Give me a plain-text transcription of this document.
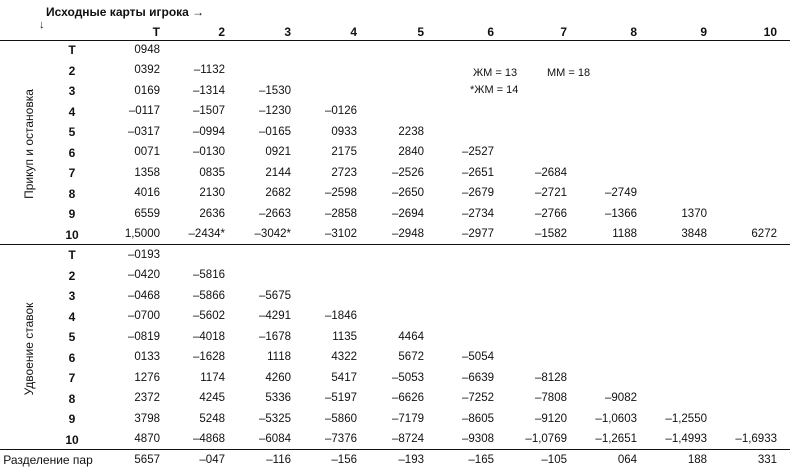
Исходные карты игрока →
↓	T	2	3	4	5	6	7	8	9	10
Прикуп и остановка
T	0948
2	0392	–1132
3	0169	–1314	–1530
4	–0117	–1507	–1230	–0126
5	–0317	–0994	–0165	0933	2238
6	0071	–0130	0921	2175	2840	–2527
7	1358	0835	2144	2723	–2526	–2651	–2684
8	4016	2130	2682	–2598	–2650	–2679	–2721	–2749
9	6559	2636	–2663	–2858	–2694	–2734	–2766	–1366	1370
10	1,5000	–2434*	–3042*	–3102	–2948	–2977	–1582	1188	3848	6272
Удвоение ставок
T	–0193
2	–0420	–5816
3	–0468	–5866	–5675
4	–0700	–5602	–4291	–1846
5	–0819	–4018	–1678	1135	4464
6	0133	–1628	1118	4322	5672	–5054
7	1276	1174	4260	5417	–5053	–6639	–8128
8	2372	4245	5336	–5197	–6626	–7252	–7808	–9082
9	3798	5248	–5325	–5860	–7179	–8605	–9120	–1,0603	–1,2550
10	4870	–4868	–6084	–7376	–8724	–9308	–1,0769	–1,2651	–1,4993	–1,6933
ЖМ = 13	ММ = 18
*ЖМ = 14
Разделение пар	5657	–047	–116	–156	–193	–165	–105	064	188	331
